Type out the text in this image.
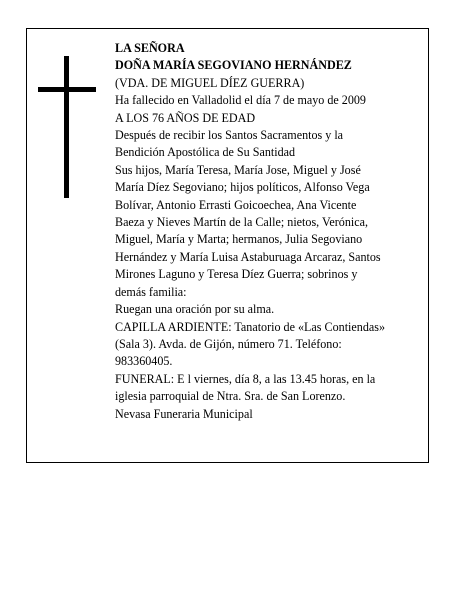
LA SEÑORA

DOÑA MARÍA SEGOVIANO HERNÁNDEZ

(VDA. DE MIGUEL DÍEZ GUERRA)

Ha fallecido en Valladolid el día 7 de mayo de 2009

A LOS 76 AÑOS DE EDAD

Después de recibir los Santos Sacramentos y la

Bendición Apostólica de Su Santidad

Sus hijos, María Teresa, María Jose, Miguel y José

María Díez Segoviano; hijos políticos, Alfonso Vega

Bolívar, Antonio Errasti Goicoechea, Ana Vicente

Baeza y Nieves Martín de la Calle; nietos, Verónica,

Miguel, María y Marta; hermanos, Julia Segoviano

Hernández y María Luisa Astaburuaga Arcaraz, Santos

Mirones Laguno y Teresa Díez Guerra; sobrinos y

demás familia:

Ruegan una oración por su alma.

CAPILLA ARDIENTE: Tanatorio de «Las Contiendas»

(Sala 3). Avda. de Gijón, número 71. Teléfono:

983360405.

FUNERAL: E l viernes, día 8, a las 13.45 horas, en la

iglesia parroquial de Ntra. Sra. de San Lorenzo.

Nevasa Funeraria Municipal
